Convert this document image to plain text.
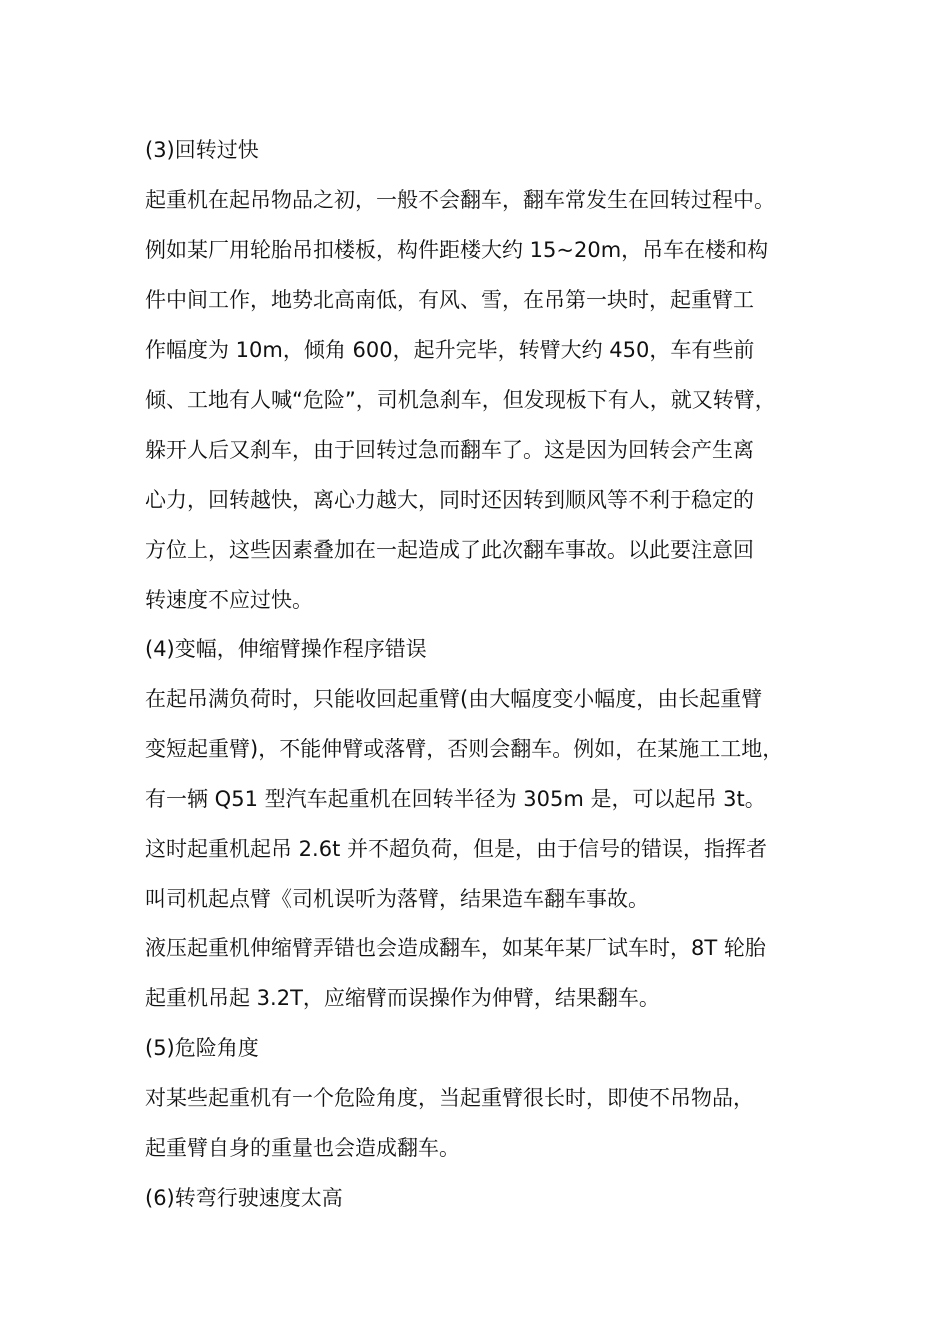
(3)回转过快
起重机在起吊物品之初，一般不会翻车，翻车常发生在回转过程中。
例如某厂用轮胎吊扣楼板，构件距楼大约 15~20m，吊车在楼和构
件中间工作，地势北高南低，有风、雪，在吊第一块时，起重臂工
作幅度为 10m，倾角 600，起升完毕，转臂大约 450，车有些前
倾、工地有人喊“危险”，司机急刹车，但发现板下有人，就又转臂，
躲开人后又刹车，由于回转过急而翻车了。这是因为回转会产生离
心力，回转越快，离心力越大，同时还因转到顺风等不利于稳定的
方位上，这些因素叠加在一起造成了此次翻车事故。以此要注意回
转速度不应过快。
(4)变幅，伸缩臂操作程序错误
在起吊满负荷时，只能收回起重臂(由大幅度变小幅度，由长起重臂
变短起重臂)，不能伸臂或落臂，否则会翻车。例如，在某施工工地，
有一辆 Q51 型汽车起重机在回转半径为 305m 是，可以起吊 3t。
这时起重机起吊 2.6t 并不超负荷，但是，由于信号的错误，指挥者
叫司机起点臂《司机误听为落臂，结果造车翻车事故。
液压起重机伸缩臂弄错也会造成翻车，如某年某厂试车时，8T 轮胎
起重机吊起 3.2T，应缩臂而误操作为伸臂，结果翻车。
(5)危险角度
对某些起重机有一个危险角度，当起重臂很长时，即使不吊物品，
起重臂自身的重量也会造成翻车。
(6)转弯行驶速度太高
